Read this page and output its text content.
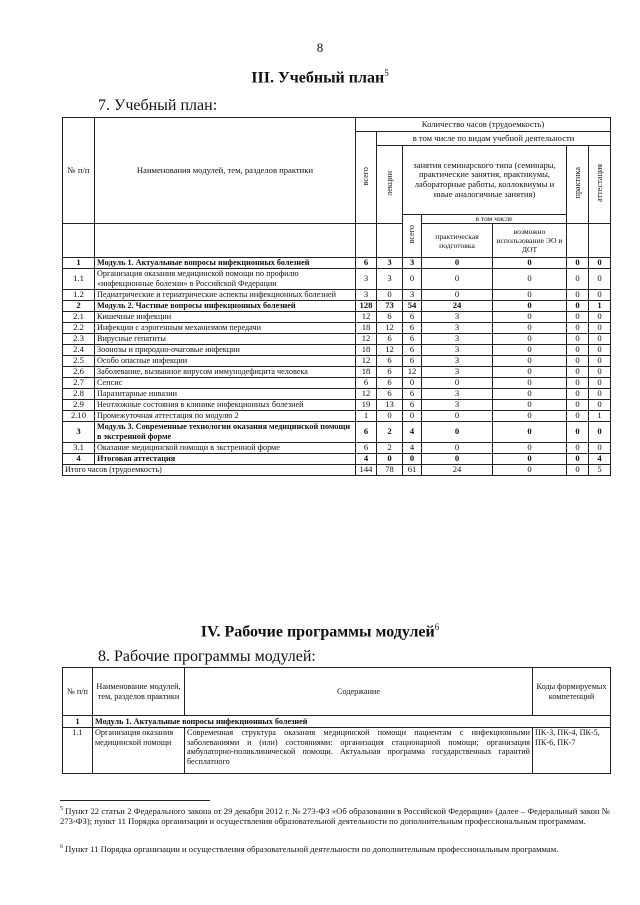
8
III. Учебный план$^5$
7. Учебный план:
№ п/п	Наименования модулей, тем, разделов практики	Количество часов (трудоемкость)						
		всего	в том числе по видам учебной деятельности					
			лекции	занятия семинарского типа (семинары, практические занятия, практикумы, лабораторные работы, коллоквиумы и иные аналогичные занятия)			практика	аттестация
				всего	в том числе			
					практическая подготовка	возможно использование ЭО и ДОТ		
1	Модуль 1. Актуальные вопросы инфекционных болезней	6	3	3	0	0	0	0
1.1	Организация оказания медицинской помощи по профилю «инфекционные болезни» в Российской Федерации	3	3	0	0	0	0	0
1.2	Педиатрические и гериатрические аспекты инфекционных болезней	3	0	3	0	0	0	0
2	Модуль 2. Частные вопросы инфекционных болезней	128	73	54	24	0	0	1
2.1	Кишечные инфекции	12	6	6	3	0	0	0
2.2	Инфекции с аэрогенным механизмом передачи	18	12	6	3	0	0	0
2.3	Вирусные гепатиты	12	6	6	3	0	0	0
2.4	Зоонозы и природно-очаговые инфекции	18	12	6	3	0	0	0
2.5	Особо опасные инфекции	12	6	6	3	0	0	0
2.6	Заболевание, вызванное вирусом иммунодефицита человека	18	6	12	3	0	0	0
2.7	Сепсис	6	6	0	0	0	0	0
2.8	Паразитарные инвазии	12	6	6	3	0	0	0
2.9	Неотложные состояния в клинике инфекционных болезней	19	13	6	3	0	0	0
2.10	Промежуточная аттестация по модулю 2	1	0	0	0	0	0	1
3	Модуль 3. Современные технологии оказания медицинской помощи в экстренной форме	6	2	4	0	0	0	0
3.1	Оказание медицинской помощи в экстренной форме	6	2	4	0	0	0	0
4	Итоговая аттестация	4	0	0	0	0	0	4
Итого часов (трудоемкость)		144	78	61	24	0	0	5
IV. Рабочие программы модулей$^6$
8. Рабочие программы модулей:
№ п/п	Наименование модулей, тем, разделов практики	Содержание	Коды формируемых компетенций
1	Модуль 1. Актуальные вопросы инфекционных болезней		
1.1	Организация оказания медицинской помощи	Современная структура оказания медицинской помощи пациентам с инфекционными заболеваниями и (или) состояниями: организация стационарной помощи; организация амбулаторно-поликлинической помощи. Актуальная программа государственных гарантий бесплатного	ПК-3, ПК-4, ПК-5, ПК-6, ПК-7
$^5$ Пункт 22 статьи 2 Федерального закона от 29 декабря 2012 г. № 273-ФЗ «Об образовании в Российской Федерации» (далее – Федеральный закон № 273-ФЗ); пункт 11 Порядка организации и осуществления образовательной деятельности по дополнительным профессиональным программам.
$^6$ Пункт 11 Порядка организации и осуществления образовательной деятельности по дополнительным профессиональным программам.
